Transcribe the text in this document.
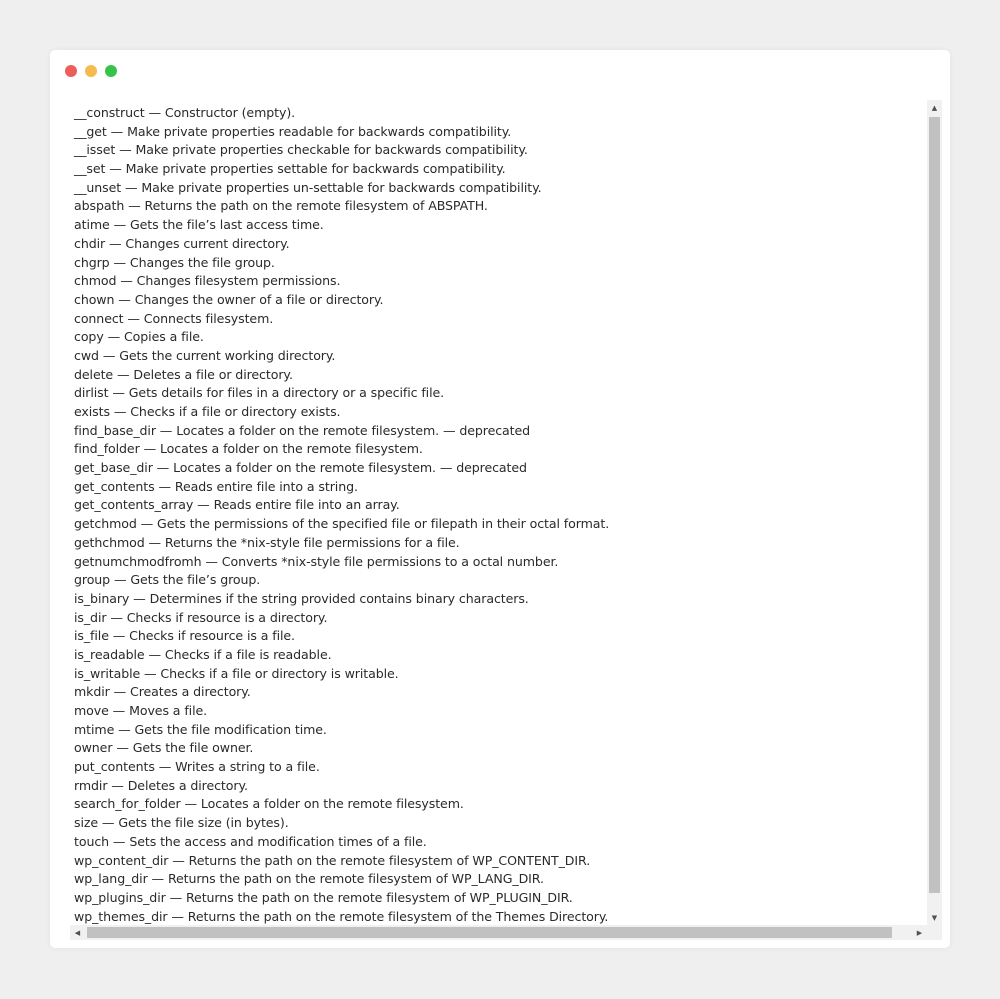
__construct — Constructor (empty).
__get — Make private properties readable for backwards compatibility.
__isset — Make private properties checkable for backwards compatibility.
__set — Make private properties settable for backwards compatibility.
__unset — Make private properties un-settable for backwards compatibility.
abspath — Returns the path on the remote filesystem of ABSPATH.
atime — Gets the file’s last access time.
chdir — Changes current directory.
chgrp — Changes the file group.
chmod — Changes filesystem permissions.
chown — Changes the owner of a file or directory.
connect — Connects filesystem.
copy — Copies a file.
cwd — Gets the current working directory.
delete — Deletes a file or directory.
dirlist — Gets details for files in a directory or a specific file.
exists — Checks if a file or directory exists.
find_base_dir — Locates a folder on the remote filesystem. — deprecated
find_folder — Locates a folder on the remote filesystem.
get_base_dir — Locates a folder on the remote filesystem. — deprecated
get_contents — Reads entire file into a string.
get_contents_array — Reads entire file into an array.
getchmod — Gets the permissions of the specified file or filepath in their octal format.
gethchmod — Returns the *nix-style file permissions for a file.
getnumchmodfromh — Converts *nix-style file permissions to a octal number.
group — Gets the file’s group.
is_binary — Determines if the string provided contains binary characters.
is_dir — Checks if resource is a directory.
is_file — Checks if resource is a file.
is_readable — Checks if a file is readable.
is_writable — Checks if a file or directory is writable.
mkdir — Creates a directory.
move — Moves a file.
mtime — Gets the file modification time.
owner — Gets the file owner.
put_contents — Writes a string to a file.
rmdir — Deletes a directory.
search_for_folder — Locates a folder on the remote filesystem.
size — Gets the file size (in bytes).
touch — Sets the access and modification times of a file.
wp_content_dir — Returns the path on the remote filesystem of WP_CONTENT_DIR.
wp_lang_dir — Returns the path on the remote filesystem of WP_LANG_DIR.
wp_plugins_dir — Returns the path on the remote filesystem of WP_PLUGIN_DIR.
wp_themes_dir — Returns the path on the remote filesystem of the Themes Directory.
▲
▼
◀	▶
